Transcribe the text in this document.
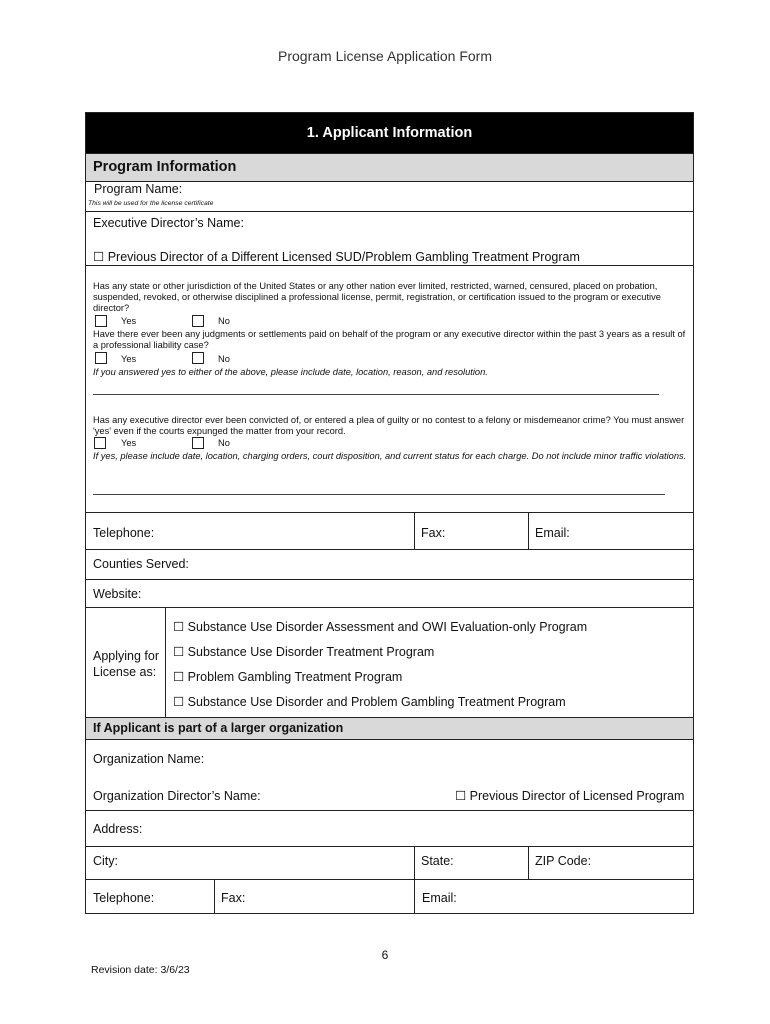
Program License Application Form
1. Applicant Information
Program Information
Program Name:
This will be used for the license certificate
Executive Director’s Name:
☐ Previous Director of a Different Licensed SUD/Problem Gambling Treatment Program
Has any state or other jurisdiction of the United States or any other nation ever limited, restricted, warned, censured, placed on probation, suspended, revoked, or otherwise disciplined a professional license, permit, registration, or certification issued to the program or executive director?
Yes	No
Have there ever been any judgments or settlements paid on behalf of the program or any executive director within the past 3 years as a result of a professional liability case?
Yes	No
If you answered yes to either of the above, please include date, location, reason, and resolution.
Has any executive director ever been convicted of, or entered a plea of guilty or no contest to a felony or misdemeanor crime? You must answer 'yes' even if the courts expunged the matter from your record.
Yes	No
If yes, please include date, location, charging orders, court disposition, and current status for each charge. Do not include minor traffic violations.
Telephone:	Fax:	Email:
Counties Served:
Website:
Applying for License as:
☐ Substance Use Disorder Assessment and OWI Evaluation-only Program
☐ Substance Use Disorder Treatment Program
☐ Problem Gambling Treatment Program
☐ Substance Use Disorder and Problem Gambling Treatment Program
If Applicant is part of a larger organization
Organization Name:
Organization Director’s Name:	☐ Previous Director of Licensed Program
Address:
City:	State:	ZIP Code:
Telephone:	Fax:	Email:
6
Revision date: 3/6/23
